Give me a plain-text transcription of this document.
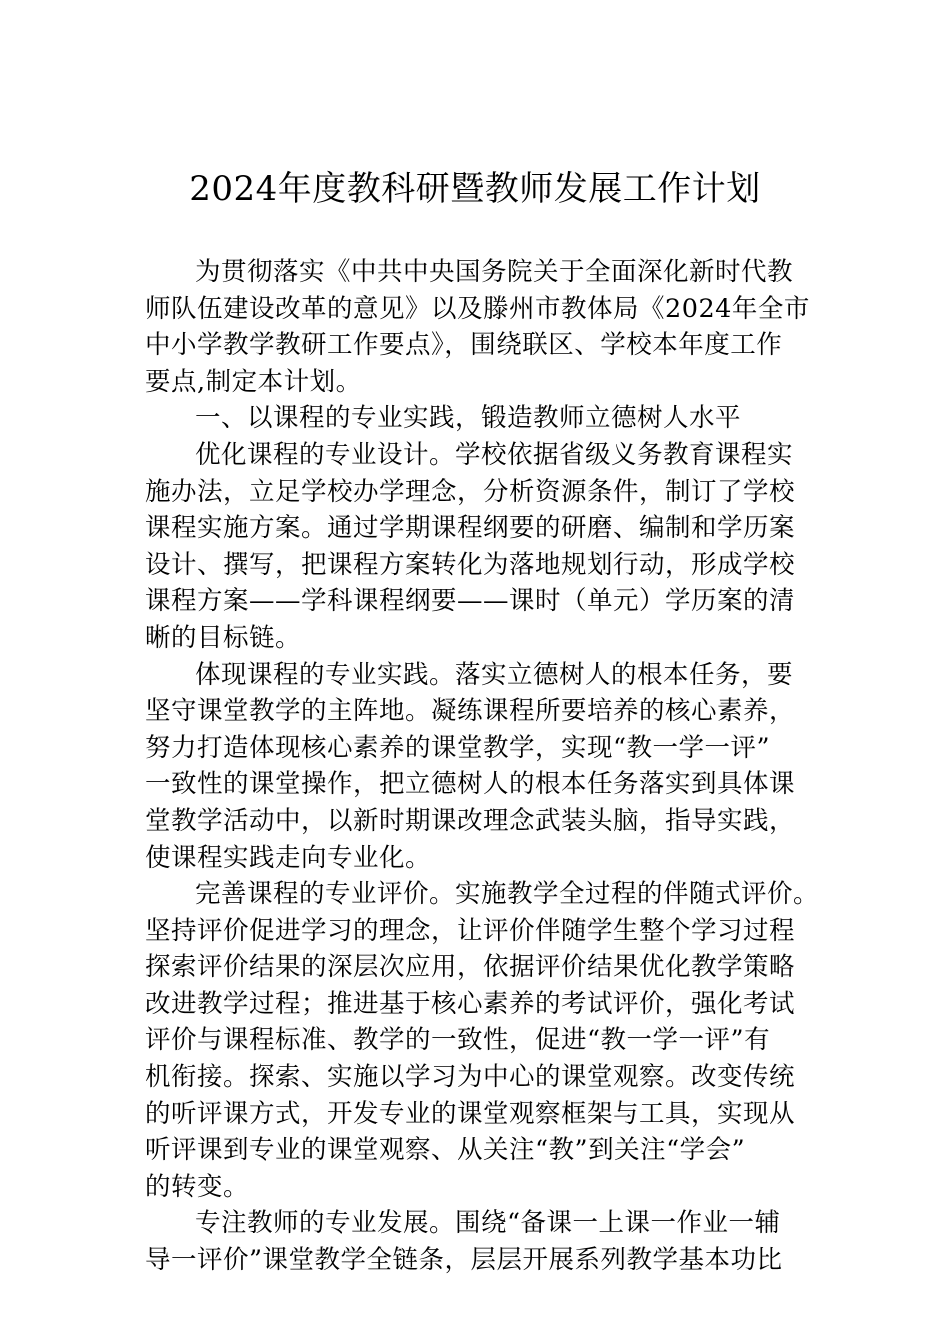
2024年度教科研暨教师发展工作计划
为贯彻落实《中共中央国务院关于全面深化新时代教
师队伍建设改革的意见》以及滕州市教体局《2024年全市
中小学教学教研工作要点》，围绕联区、学校本年度工作
要点,制定本计划。
一、以课程的专业实践，锻造教师立德树人水平
优化课程的专业设计。学校依据省级义务教育课程实
施办法，立足学校办学理念，分析资源条件，制订了学校
课程实施方案。通过学期课程纲要的研磨、编制和学历案
设计、撰写，把课程方案转化为落地规划行动，形成学校
课程方案——学科课程纲要——课时（单元）学历案的清
晰的目标链。
体现课程的专业实践。落实立德树人的根本任务，要
坚守课堂教学的主阵地。凝练课程所要培养的核心素养，
努力打造体现核心素养的课堂教学，实现“教一学一评”
一致性的课堂操作，把立德树人的根本任务落实到具体课
堂教学活动中，以新时期课改理念武装头脑，指导实践，
使课程实践走向专业化。
完善课程的专业评价。实施教学全过程的伴随式评价。
坚持评价促进学习的理念，让评价伴随学生整个学习过程
探索评价结果的深层次应用，依据评价结果优化教学策略
改进教学过程；推进基于核心素养的考试评价，强化考试
评价与课程标准、教学的一致性，促进“教一学一评”有
机衔接。探索、实施以学习为中心的课堂观察。改变传统
的听评课方式，开发专业的课堂观察框架与工具，实现从
听评课到专业的课堂观察、从关注“教”到关注“学会”
的转变。
专注教师的专业发展。围绕“备课一上课一作业一辅
导一评价”课堂教学全链条，层层开展系列教学基本功比
